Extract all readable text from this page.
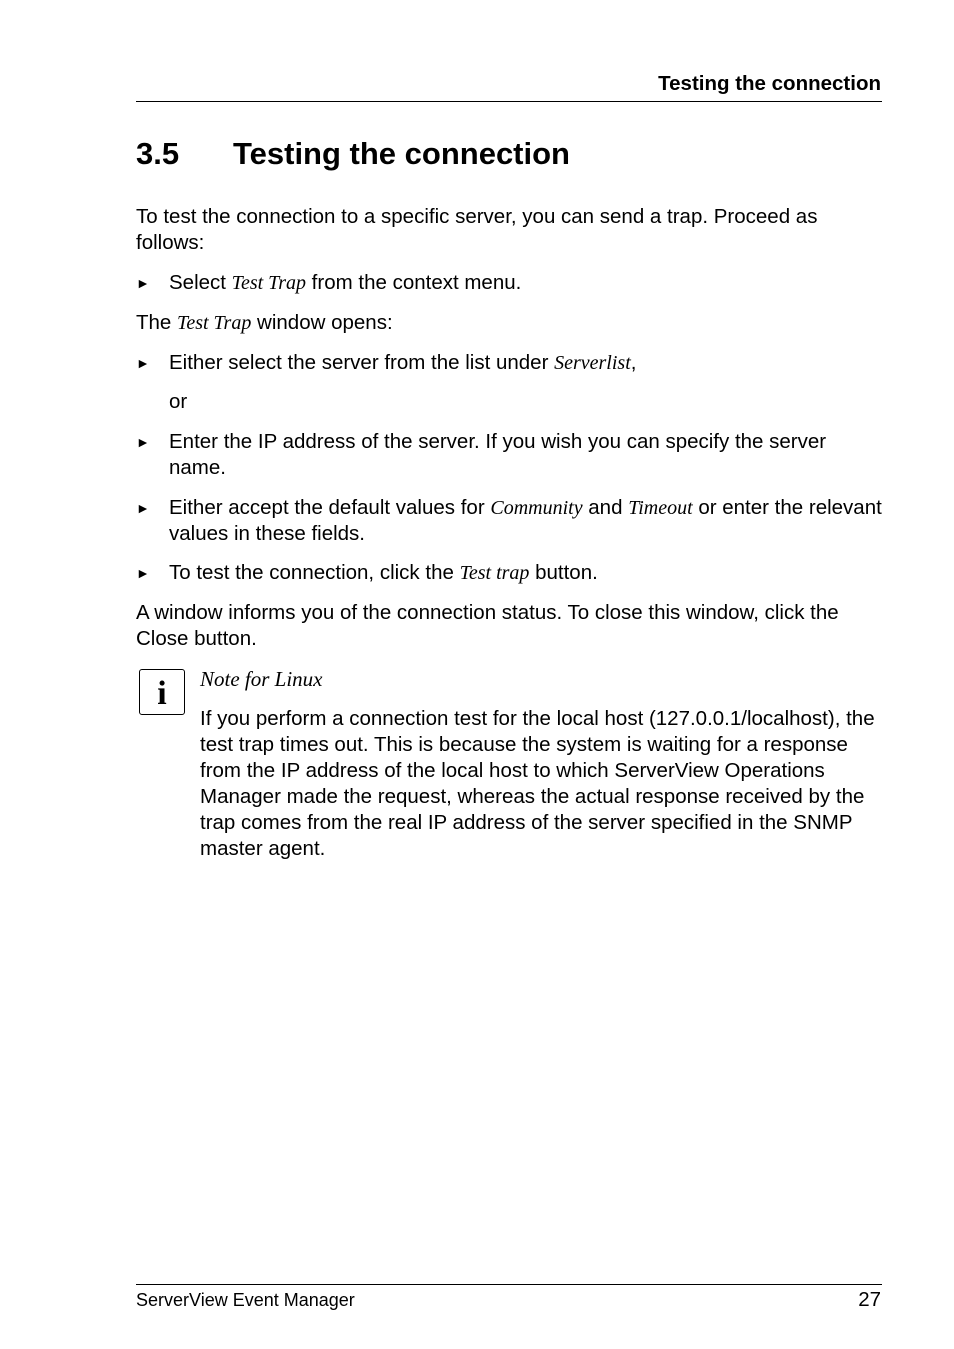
Testing the connection
3.5 Testing the connection
To test the connection to a specific server, you can send a trap. Proceed as follows:
► Select Test Trap from the context menu.
The Test Trap window opens:
► Either select the server from the list under Serverlist,
or
► Enter the IP address of the server. If you wish you can specify the server name.
► Either accept the default values for Community and Timeout or enter the relevant values in these fields.
► To test the connection, click the Test trap button.
A window informs you of the connection status. To close this window, click the Close button.
i	Note for Linux
If you perform a connection test for the local host (127.0.0.1/localhost), the test trap times out. This is because the system is waiting for a response from the IP address of the local host to which ServerView Operations Manager made the request, whereas the actual response received by the trap comes from the real IP address of the server specified in the SNMP master agent.
ServerView Event Manager	27
